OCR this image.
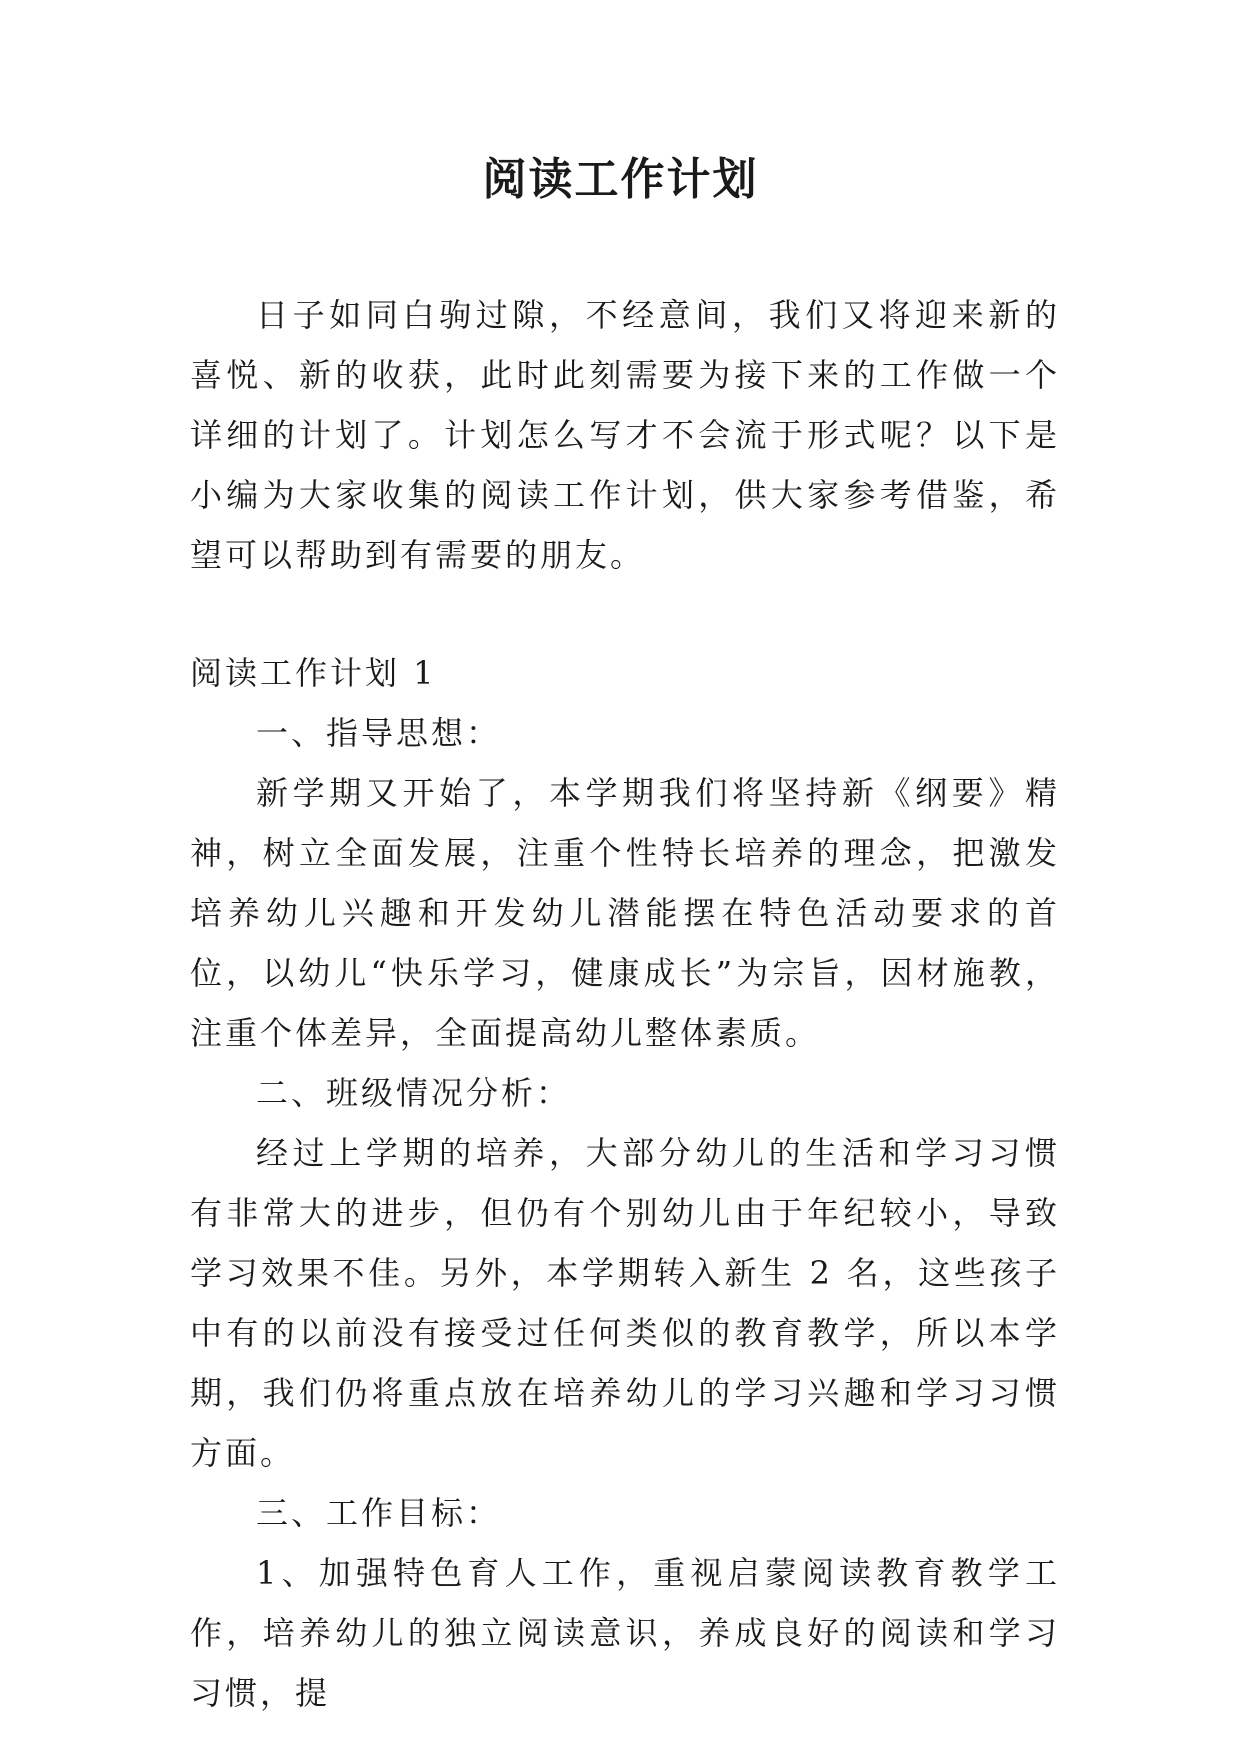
阅读工作计划

日子如同白驹过隙，不经意间，我们又将迎来新的喜悦、新的收获，此时此刻需要为接下来的工作做一个详细的计划了。计划怎么写才不会流于形式呢？以下是小编为大家收集的阅读工作计划，供大家参考借鉴，希望可以帮助到有需要的朋友。

阅读工作计划 1

一、指导思想：

新学期又开始了，本学期我们将坚持新《纲要》精神，树立全面发展，注重个性特长培养的理念，把激发培养幼儿兴趣和开发幼儿潜能摆在特色活动要求的首位，以幼儿“快乐学习，健康成长”为宗旨，因材施教，注重个体差异，全面提高幼儿整体素质。

二、班级情况分析：

经过上学期的培养，大部分幼儿的生活和学习习惯有非常大的进步，但仍有个别幼儿由于年纪较小，导致学习效果不佳。另外，本学期转入新生 2 名，这些孩子中有的以前没有接受过任何类似的教育教学，所以本学期，我们仍将重点放在培养幼儿的学习兴趣和学习习惯方面。

三、工作目标：

1、加强特色育人工作，重视启蒙阅读教育教学工作，培养幼儿的独立阅读意识，养成良好的阅读和学习习惯，提
